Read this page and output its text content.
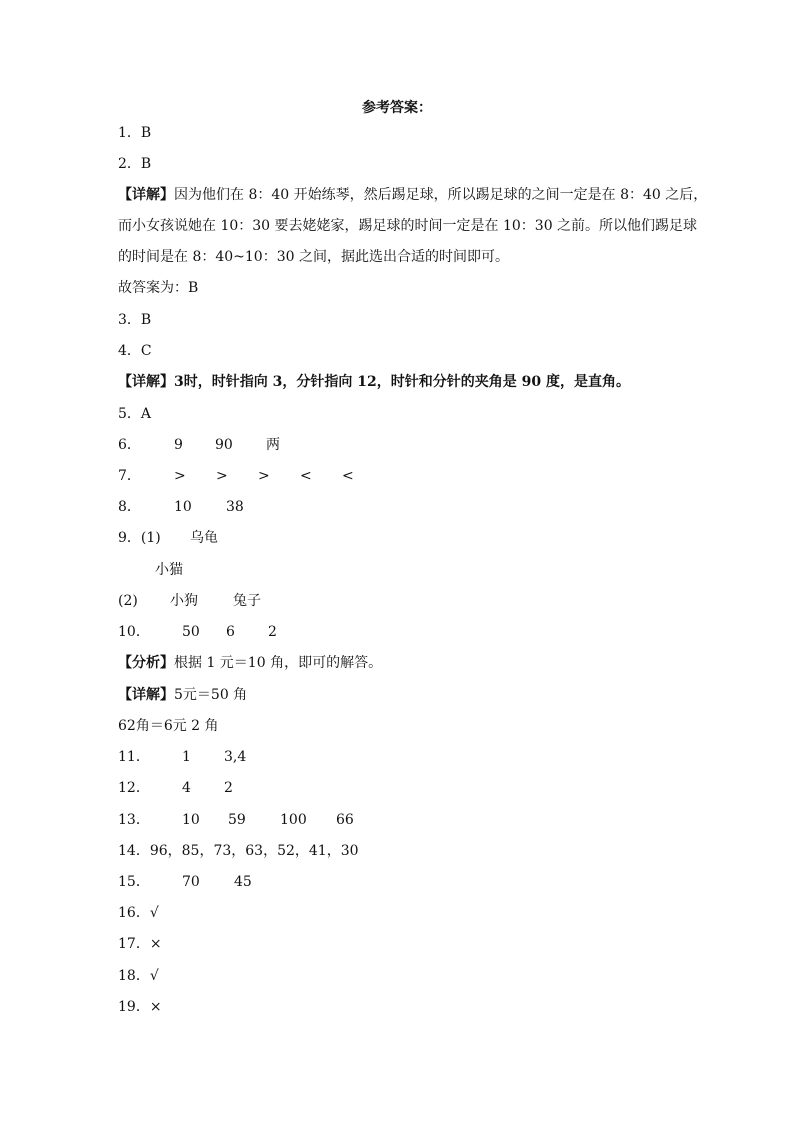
参考答案：
1．B
2．B
【详解】因为他们在 8：40 开始练琴，然后踢足球，所以踢足球的之间一定是在 8：40 之后，
而小女孩说她在 10：30 要去姥姥家，踢足球的时间一定是在 10：30 之前。所以他们踢足球
的时间是在 8：40~10：30 之间，据此选出合适的时间即可。
故答案为：B
3．B
4．C
【详解】3时，时针指向 3，分针指向 12，时针和分针的夹角是 90 度，是直角。
5．A
6． 9 90 两
7． > > > < <
8． 10 38
9．(1) 乌龟
小猫
(2) 小狗	兔子
10． 50 6 2
【分析】根据 1 元＝10 角，即可的解答。
【详解】5元＝50 角
62角＝6元 2 角
11． 1 3,4
12． 4 2
13． 10 59 100 66
14．96，85，73，63，52，41，30
15． 70 45
16．√
17．×
18．√
19．×
